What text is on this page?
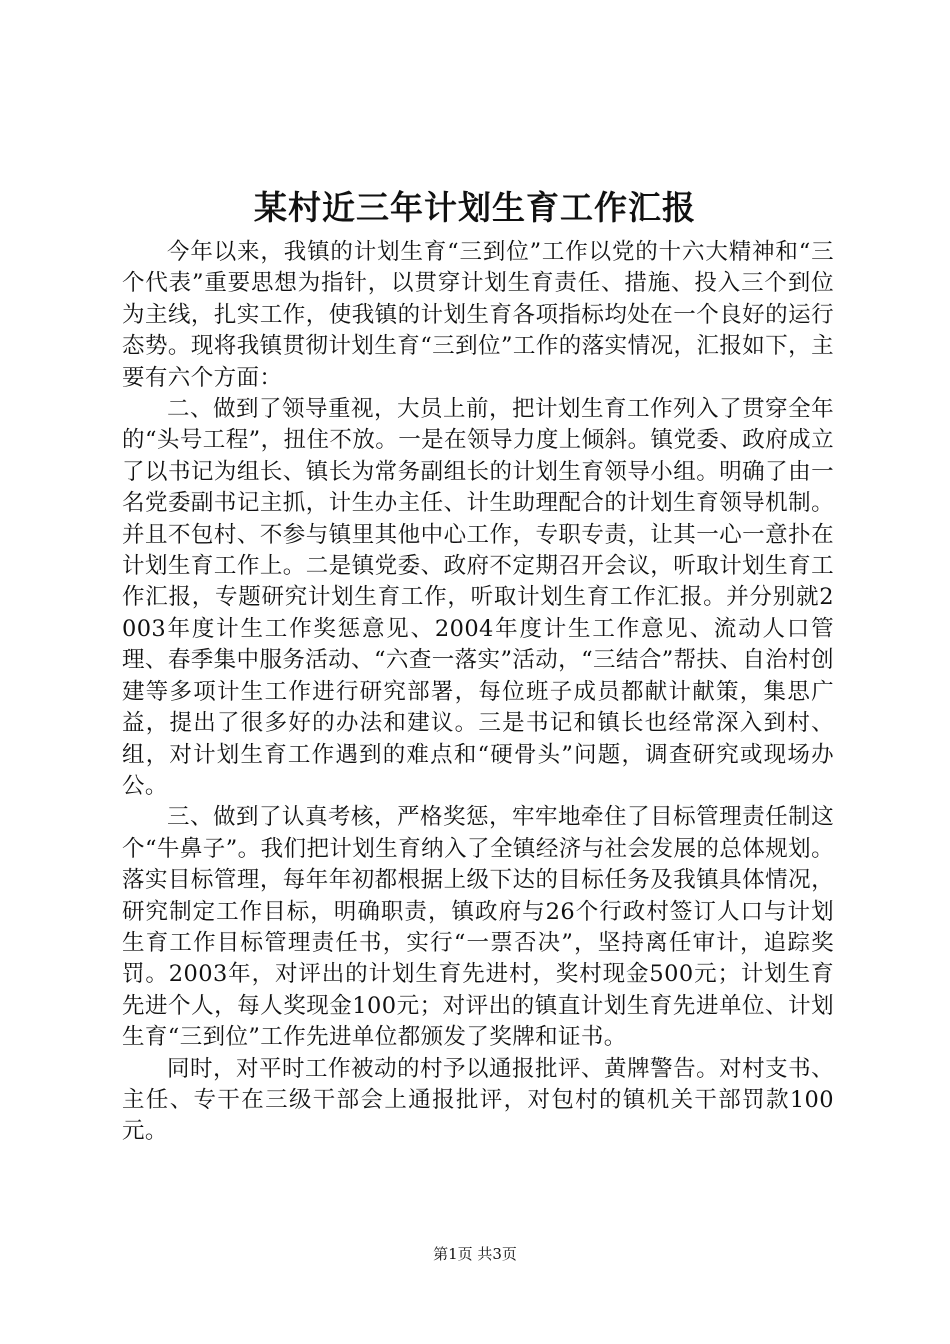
某村近三年计划生育工作汇报

今年以来，我镇的计划生育“三到位”工作以党的十六大精神和“三个代表”重要思想为指针，以贯穿计划生育责任、措施、投入三个到位为主线，扎实工作，使我镇的计划生育各项指标均处在一个良好的运行态势。现将我镇贯彻计划生育“三到位”工作的落实情况，汇报如下，主要有六个方面：

二、做到了领导重视，大员上前，把计划生育工作列入了贯穿全年的“头号工程”，扭住不放。一是在领导力度上倾斜。镇党委、政府成立了以书记为组长、镇长为常务副组长的计划生育领导小组。明确了由一名党委副书记主抓，计生办主任、计生助理配合的计划生育领导机制。并且不包村、不参与镇里其他中心工作，专职专责，让其一心一意扑在计划生育工作上。二是镇党委、政府不定期召开会议，听取计划生育工作汇报，专题研究计划生育工作，听取计划生育工作汇报。并分别就2003年度计生工作奖惩意见、2004年度计生工作意见、流动人口管理、春季集中服务活动、“六查一落实”活动，“三结合”帮扶、自治村创建等多项计生工作进行研究部署，每位班子成员都献计献策，集思广益，提出了很多好的办法和建议。三是书记和镇长也经常深入到村、组，对计划生育工作遇到的难点和“硬骨头”问题，调查研究或现场办公。

三、做到了认真考核，严格奖惩，牢牢地牵住了目标管理责任制这个“牛鼻子”。我们把计划生育纳入了全镇经济与社会发展的总体规划。落实目标管理，每年年初都根据上级下达的目标任务及我镇具体情况，研究制定工作目标，明确职责，镇政府与26个行政村签订人口与计划生育工作目标管理责任书，实行“一票否决”，坚持离任审计，追踪奖罚。2003年，对评出的计划生育先进村，奖村现金500元；计划生育先进个人，每人奖现金100元；对评出的镇直计划生育先进单位、计划生育“三到位”工作先进单位都颁发了奖牌和证书。

同时，对平时工作被动的村予以通报批评、黄牌警告。对村支书、主任、专干在三级干部会上通报批评，对包村的镇机关干部罚款100元。

第1页 共3页
